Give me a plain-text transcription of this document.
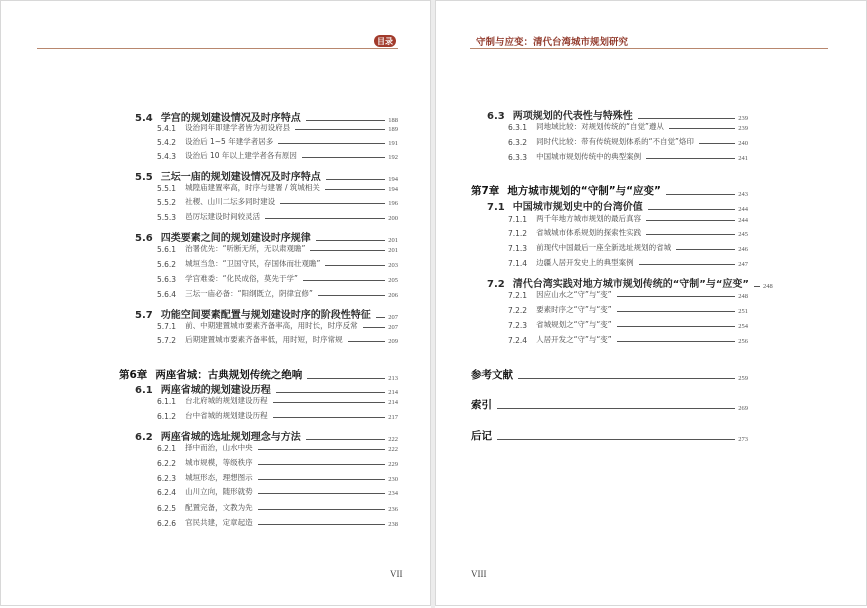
目录
5.4 学宫的规划建设情况及时序特点	188
5.4.1 设治同年即建学者皆为初设府县	189
5.4.2 设治后 1~5 年建学者居多	191
5.4.3 设治后 10 年以上建学者各有原因	192
5.5 三坛一庙的规划建设情况及时序特点	194
5.5.1 城隍庙建置率高，时序与建署 / 筑城相关	194
5.5.2 社稷、山川二坛多同时建设	196
5.5.3 邑厉坛建设时间较灵活	200
5.6 四类要素之间的规划建设时序规律	201
5.6.1 治署优先：“听断无所，无以肃观瞻”	201
5.6.2 城垣当急：“卫国守民，存国体而壮观瞻”	203
5.6.3 学宫难委：“化民成俗，莫先于学”	205
5.6.4 三坛一庙必备：“阳纲既立，阴律宜修”	206
5.7 功能空间要素配置与规划建设时序的阶段性特征	207
5.7.1 前、中期建置城市要素齐备率高，用时长，时序反常	207
5.7.2 后期建置城市要素齐备率低，用时短，时序常规	209
第6章 两座省城：古典规划传统之绝响	213
6.1 两座省城的规划建设历程	214
6.1.1 台北府城的规划建设历程	214
6.1.2 台中省城的规划建设历程	217
6.2 两座省城的选址规划理念与方法	222
6.2.1 择中而治，山水中央	222
6.2.2 城市规模，等级秩序	229
6.2.3 城垣形态，理想图示	230
6.2.4 山川立向，随形就势	234
6.2.5 配置完备，文教为先	236
6.2.6 官民共建，定章起造	238
VII
守制与应变：清代台湾城市规划研究
6.3 两项规划的代表性与特殊性	239
6.3.1 同地域比较：对规划传统的“自觉”遵从	239
6.3.2 同时代比较：带有传统规划体系的“不自觉”烙印	240
6.3.3 中国城市规划传统中的典型案例	241
第7章 地方城市规划的“守制”与“应变”	243
7.1 中国城市规划史中的台湾价值	244
7.1.1 两千年地方城市规划的最后真容	244
7.1.2 省城城市体系规划的探索性实践	245
7.1.3 前现代中国最后一座全新选址规划的省城	246
7.1.4 边疆人居开发史上的典型案例	247
7.2 清代台湾实践对地方城市规划传统的“守制”与“应变” 248
7.2.1 因应山水之“守”与“变”	248
7.2.2 要素时序之“守”与“变”	251
7.2.3 省城规划之“守”与“变”	254
7.2.4 人居开发之“守”与“变”	256
参考文献	259
索引	269
后记	273
VIII
